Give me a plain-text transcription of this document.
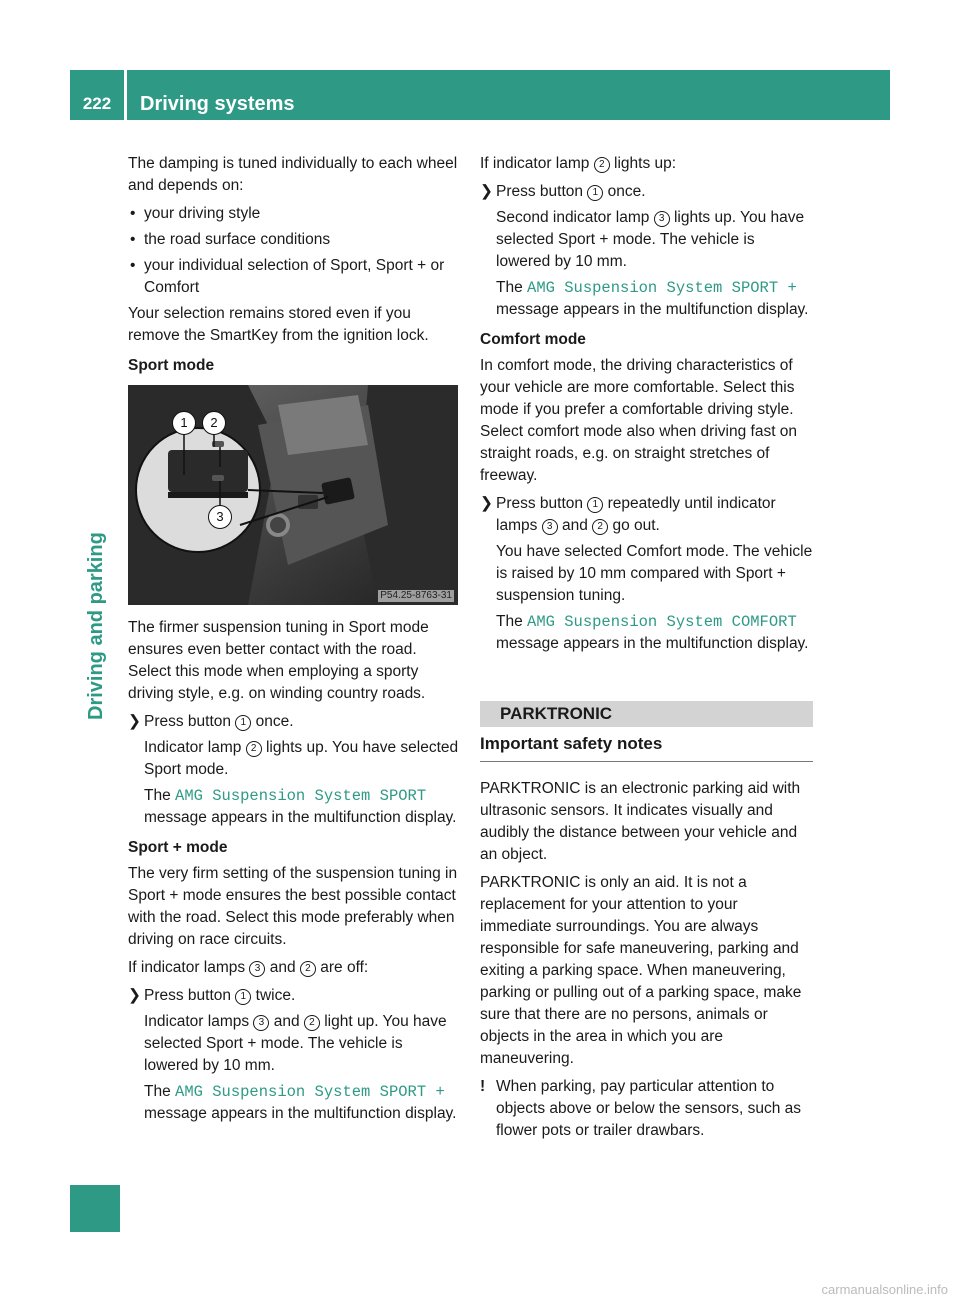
222	Driving systems
Driving and parking

The damping is tuned individually to each wheel and depends on:

• your driving style
• the road surface conditions
• your individual selection of Sport, Sport + or Comfort

Your selection remains stored even if you remove the SmartKey from the ignition lock.

Sport mode
1	2
3
P54.25-8763-31

The firmer suspension tuning in Sport mode ensures even better contact with the road. Select this mode when employing a sporty driving style, e.g. on winding country roads.

❯ Press button 1 once.
Indicator lamp 2 lights up. You have selected Sport mode.
The AMG Suspension System SPORT
message appears in the multifunction display.
Sport + mode

The very firm setting of the suspension tuning in Sport + mode ensures the best possible contact with the road. Select this mode preferably when driving on race circuits.

If indicator lamps 3 and 2 are off:

❯ Press button 1 twice.
Indicator lamps 3 and 2 light up. You have selected Sport + mode. The vehicle is lowered by 10 mm.
The AMG Suspension System SPORT +
message appears in the multifunction display.

If indicator lamp 2 lights up:

❯ Press button 1 once.
Second indicator lamp 3 lights up. You have selected Sport + mode. The vehicle is lowered by 10 mm.
The AMG Suspension System SPORT +
message appears in the multifunction display.
Comfort mode

In comfort mode, the driving characteristics of your vehicle are more comfortable. Select this mode if you prefer a comfortable driving style. Select comfort mode also when driving fast on straight roads, e.g. on straight stretches of freeway.

❯ Press button 1 repeatedly until indicator lamps 3 and 2 go out.
You have selected Comfort mode. The vehicle is raised by 10 mm compared with Sport + suspension tuning.
The AMG Suspension System COMFORT
message appears in the multifunction display.
PARKTRONIC
Important safety notes

PARKTRONIC is an electronic parking aid with ultrasonic sensors. It indicates visually and audibly the distance between your vehicle and an object.

PARKTRONIC is only an aid. It is not a replacement for your attention to your immediate surroundings. You are always responsible for safe maneuvering, parking and exiting a parking space. When maneuvering, parking or pulling out of a parking space, make sure that there are no persons, animals or objects in the area in which you are maneuvering.

! When parking, pay particular attention to objects above or below the sensors, such as flower pots or trailer drawbars.
carmanualsonline.info
